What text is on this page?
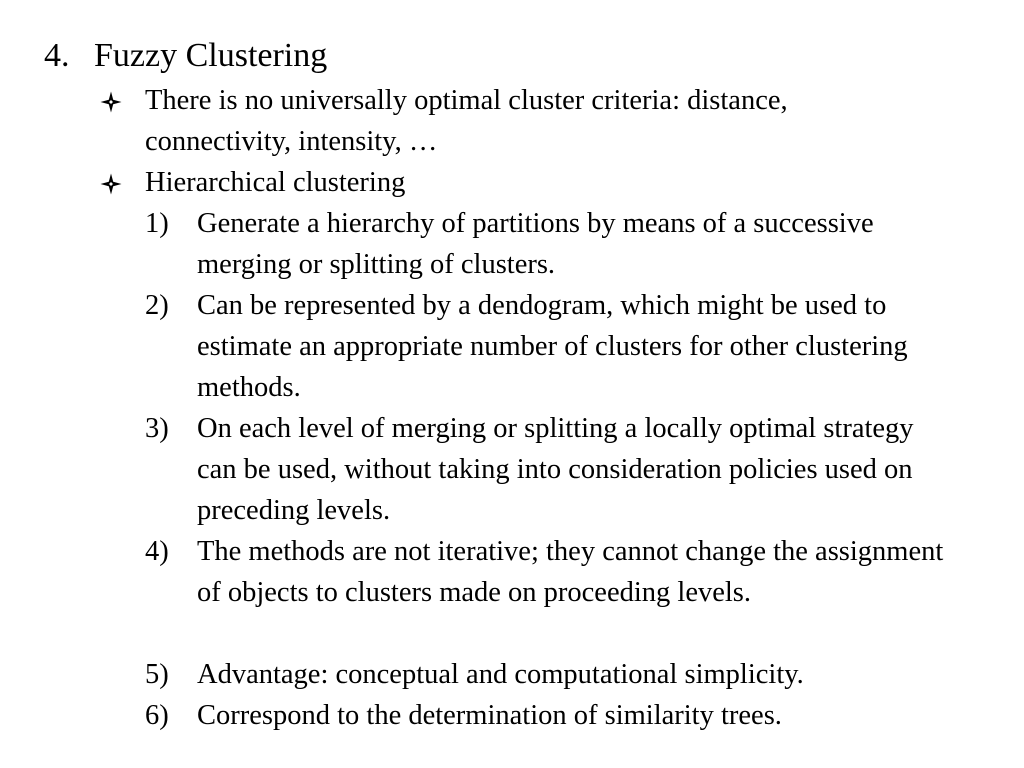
4. Fuzzy Clustering
There is no universally optimal cluster criteria: distance, connectivity, intensity, …
Hierarchical clustering
1) Generate a hierarchy of partitions by means of a successive merging or splitting of clusters.
2) Can be represented by a dendogram, which might be used to estimate an appropriate number of clusters for other clustering methods.
3) On each level of merging or splitting a locally optimal strategy can be used, without taking into consideration policies used on preceding levels.
4) The methods are not iterative; they cannot change the assignment of objects to clusters made on proceeding levels.
5) Advantage: conceptual and computational simplicity.
6) Correspond to the determination of similarity trees.
